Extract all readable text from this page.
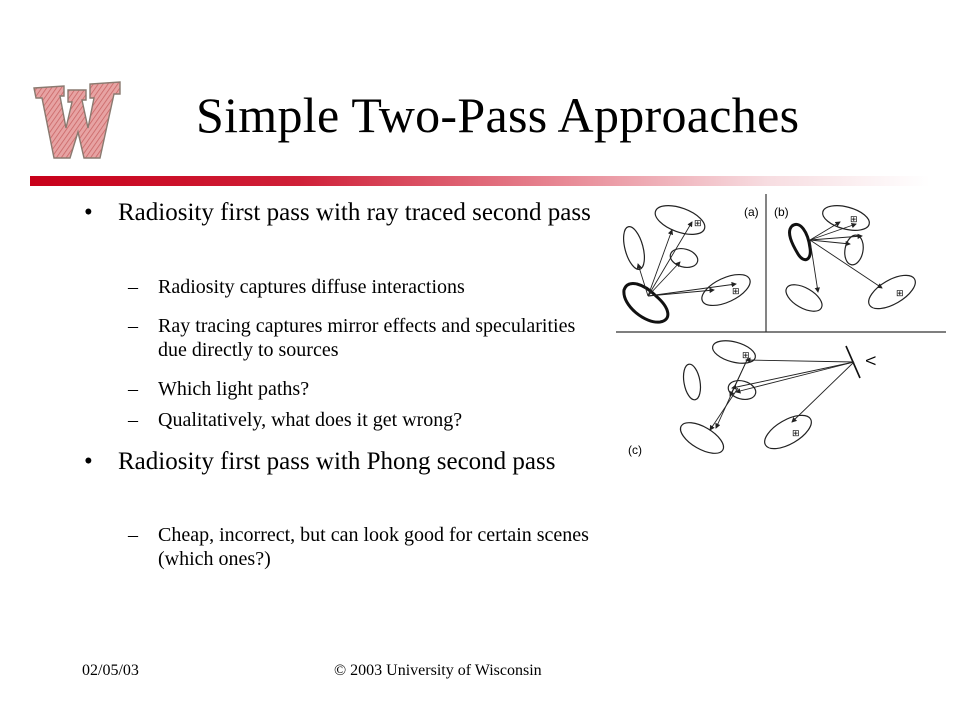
Simple Two-Pass Approaches
• Radiosity first pass with ray traced second pass
– Radiosity captures diffuse interactions
– Ray tracing captures mirror effects and specularities due directly to sources
– Which light paths?
– Qualitatively, what does it get wrong?
• Radiosity first pass with Phong second pass
– Cheap, incorrect, but can look good for certain scenes (which ones?)
(a)
⊞
⊞
(b)	⊞
⊞
(c)
⊞
⊞
V
02/05/03	© 2003 University of Wisconsin
